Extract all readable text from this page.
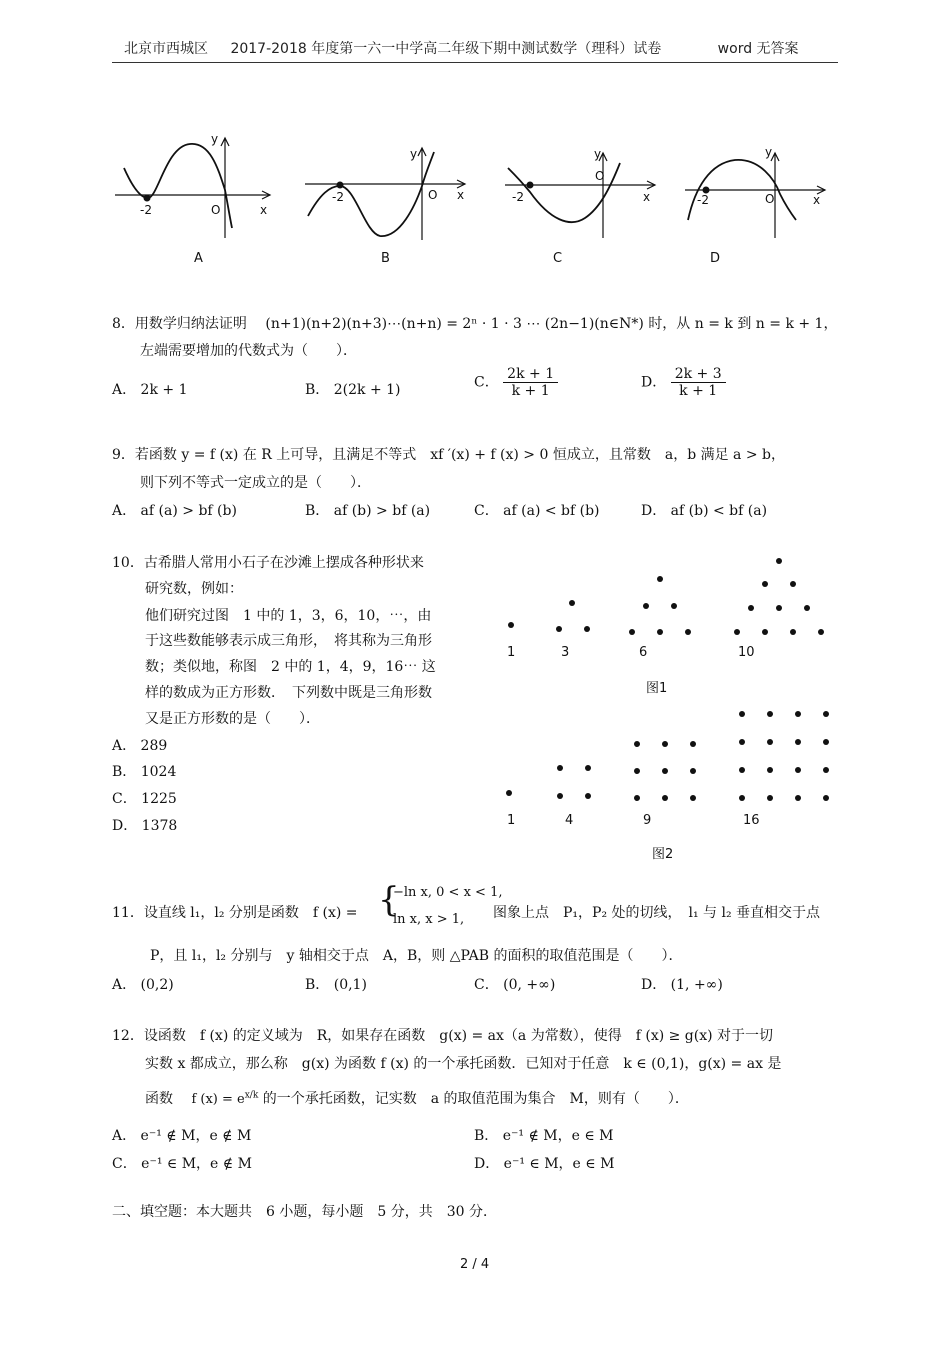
北京市西城区 2017-2018 年度第一六一中学高二年级下期中测试数学（理科）试卷	word 无答案
y
-2	O	x
y
-2	O x
y
O
-2	x
y
-2	O	x
A	B	C	D
8．用数学归纳法证明 (n+1)(n+2)(n+3)⋯(n+n) = 2ⁿ · 1 · 3 ⋯ (2n−1)(n∈N*) 时，从 n = k 到 n = k + 1，
左端需要增加的代数式为（　　）．
A． 2k + 1	B． 2(2k + 1)	C． $\frac{2k + 1}{k + 1}$	D． $\frac{2k + 3}{k + 1}$
9．若函数 y = f (x) 在 R 上可导，且满足不等式　xf ′(x) + f (x) > 0 恒成立，且常数　a，b 满足 a > b，
则下列不等式一定成立的是（　　）．
A． af (a) > bf (b)	B． af (b) > bf (a)	C． af (a) < bf (b)	D． af (b) < bf (a)
10．古希腊人常用小石子在沙滩上摆成各种形状来
研究数，例如：
他们研究过图　1 中的 1，3，6，10，⋯，由
于这些数能够表示成三角形，　将其称为三角形
数；类似地，称图　2 中的 1，4，9，16⋯ 这
样的数成为正方形数．　下列数中既是三角形数
又是正方形数的是（　　）．
A． 289
B． 1024
C． 1225
D． 1378
1	3	6	10
图1
1	4	9	16
图2
11．设直线 l₁，l₂ 分别是函数　f (x) = {
−ln x, 0 < x < 1,
ln x, x > 1, 图象上点　P₁，P₂ 处的切线，　l₁ 与 l₂ 垂直相交于点
P，且 l₁，l₂ 分别与　y 轴相交于点　A，B，则 △PAB 的面积的取值范围是（　　）．
A． (0,2)	B． (0,1)	C． (0, +∞)	D． (1, +∞)
12．设函数　f (x) 的定义域为　R，如果存在函数　g(x) = ax（a 为常数），使得　f (x) ≥ g(x) 对于一切
实数 x 都成立，那么称　g(x) 为函数 f (x) 的一个承托函数．已知对于任意　k ∈ (0,1)，g(x) = ax 是
函数 f $(x) = e^{x/k}$ 的一个承托函数，记实数　a 的取值范围为集合　M，则有（　　）．
A． e⁻¹ ∉ M，e ∉ M	B． e⁻¹ ∉ M，e ∈ M
C． e⁻¹ ∈ M，e ∉ M	D． e⁻¹ ∈ M，e ∈ M
二、填空题：本大题共　6 小题，每小题　5 分，共　30 分．
2 / 4
